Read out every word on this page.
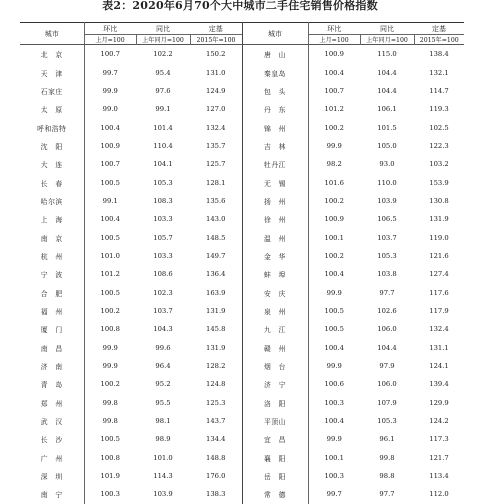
表2：2020年6月70个大中城市二手住宅销售价格指数
城市	环比	同比	定基	城市	环比	同比	定基
	上月=100	上年同月=100	2015年=100		上月=100	上年同月=100	2015年=100
北　京	100.7	102.2	150.2	唐　山	100.9	115.0	138.4
天　津	99.7	95.4	131.0	秦皇岛	100.4	104.4	132.1
石家庄	99.9	97.6	124.9	包　头	100.7	104.4	114.7
太　原	99.0	99.1	127.0	丹　东	101.2	106.1	119.3
呼和浩特	100.4	101.4	132.4	锦　州	100.2	101.5	102.5
沈　阳	100.9	110.4	135.7	吉　林	99.9	105.0	122.3
大　连	100.7	104.1	125.7	牡丹江	98.2	93.0	103.2
长　春	100.5	105.3	128.1	无　锡	101.6	110.0	153.9
哈尔滨	99.1	108.3	135.6	扬　州	100.2	103.9	130.8
上　海	100.4	103.3	143.0	徐　州	100.9	106.5	131.9
南　京	100.5	105.7	148.5	温　州	100.1	103.7	119.0
杭　州	101.0	103.3	149.7	金　华	100.2	105.3	121.6
宁　波	101.2	108.6	136.4	蚌　埠	100.4	103.8	127.4
合　肥	100.5	102.3	163.9	安　庆	99.9	97.7	117.6
福　州	100.2	103.7	131.9	泉　州	100.5	102.6	117.9
厦　门	100.8	104.3	145.8	九　江	100.5	106.0	132.4
南　昌	99.9	99.6	131.9	赣　州	100.4	104.4	131.1
济　南	99.9	96.4	128.2	烟　台	99.9	97.9	124.1
青　岛	100.2	95.2	124.8	济　宁	100.6	106.0	139.4
郑　州	99.8	95.5	125.3	洛　阳	100.3	107.9	129.9
武　汉	99.8	98.1	143.7	平顶山	100.4	105.3	124.2
长　沙	100.5	98.9	134.4	宜　昌	99.9	96.1	117.3
广　州	100.8	101.0	148.8	襄　阳	100.1	99.8	121.7
深　圳	101.9	114.3	176.0	岳　阳	100.3	98.8	113.4
南　宁	100.3	103.9	138.3	常　德	99.7	97.7	112.0
